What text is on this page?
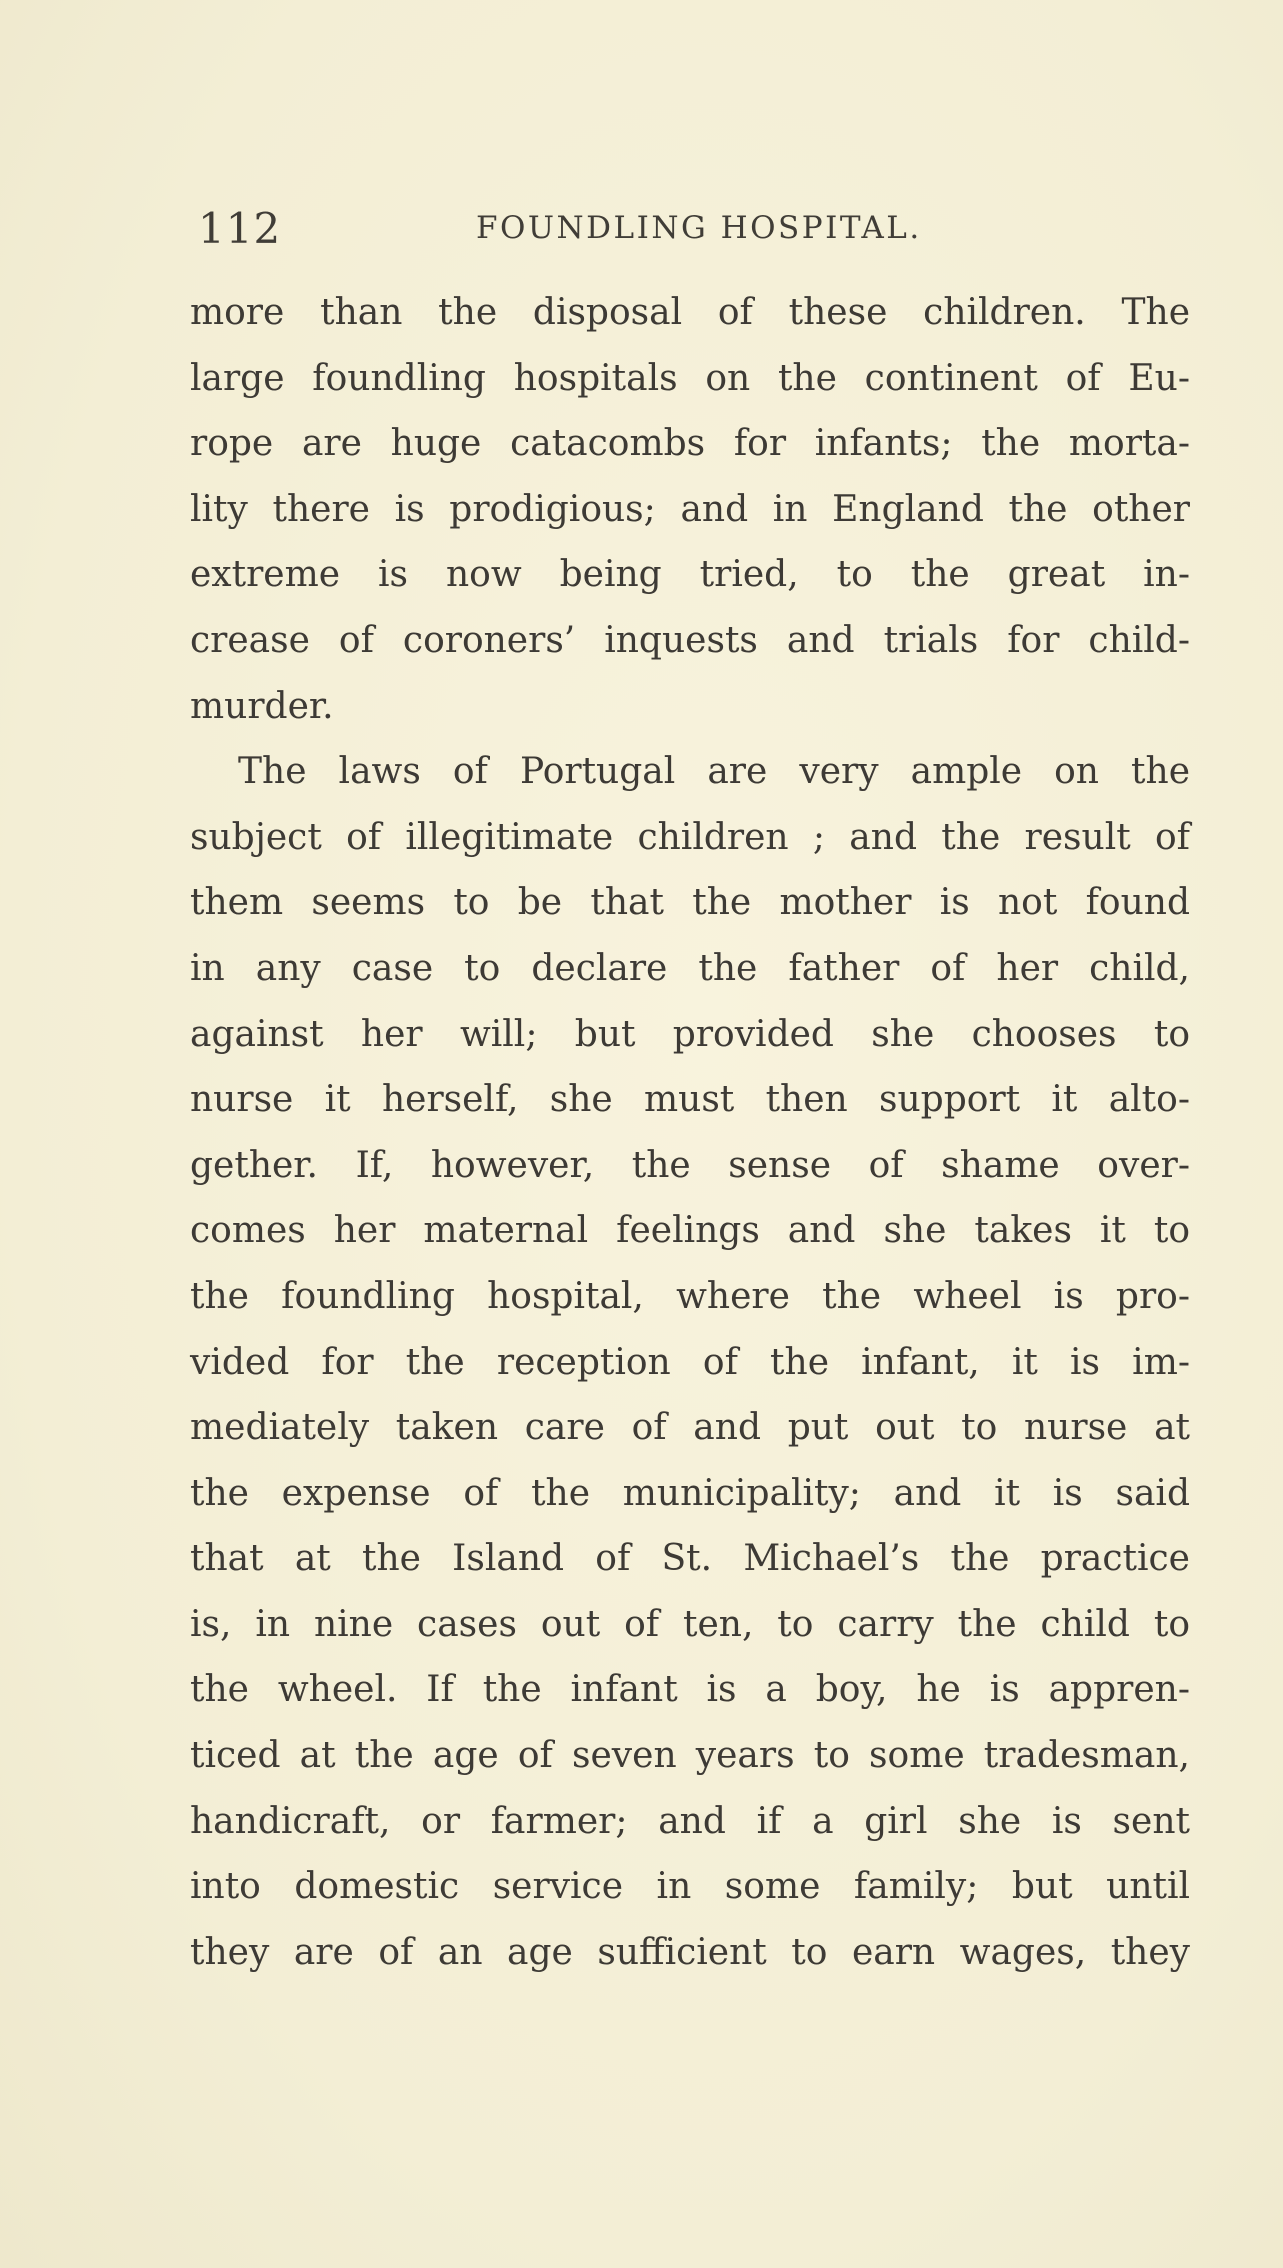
112	FOUNDLING HOSPITAL.
more than the disposal of these children. The
large foundling hospitals on the continent of Eu-
rope are huge catacombs for infants; the morta-
lity there is prodigious; and in England the other
extreme is now being tried, to the great in-
crease of coroners’ inquests and trials for child-
murder.
The laws of Portugal are very ample on the
subject of illegitimate children ; and the result of
them seems to be that the mother is not found
in any case to declare the father of her child,
against her will; but provided she chooses to
nurse it herself, she must then support it alto-
gether. If, however, the sense of shame over-
comes her maternal feelings and she takes it to
the foundling hospital, where the wheel is pro-
vided for the reception of the infant, it is im-
mediately taken care of and put out to nurse at
the expense of the municipality; and it is said
that at the Island of St. Michael’s the practice
is, in nine cases out of ten, to carry the child to
the wheel. If the infant is a boy, he is appren-
ticed at the age of seven years to some tradesman,
handicraft, or farmer; and if a girl she is sent
into domestic service in some family; but until
they are of an age sufficient to earn wages, they
